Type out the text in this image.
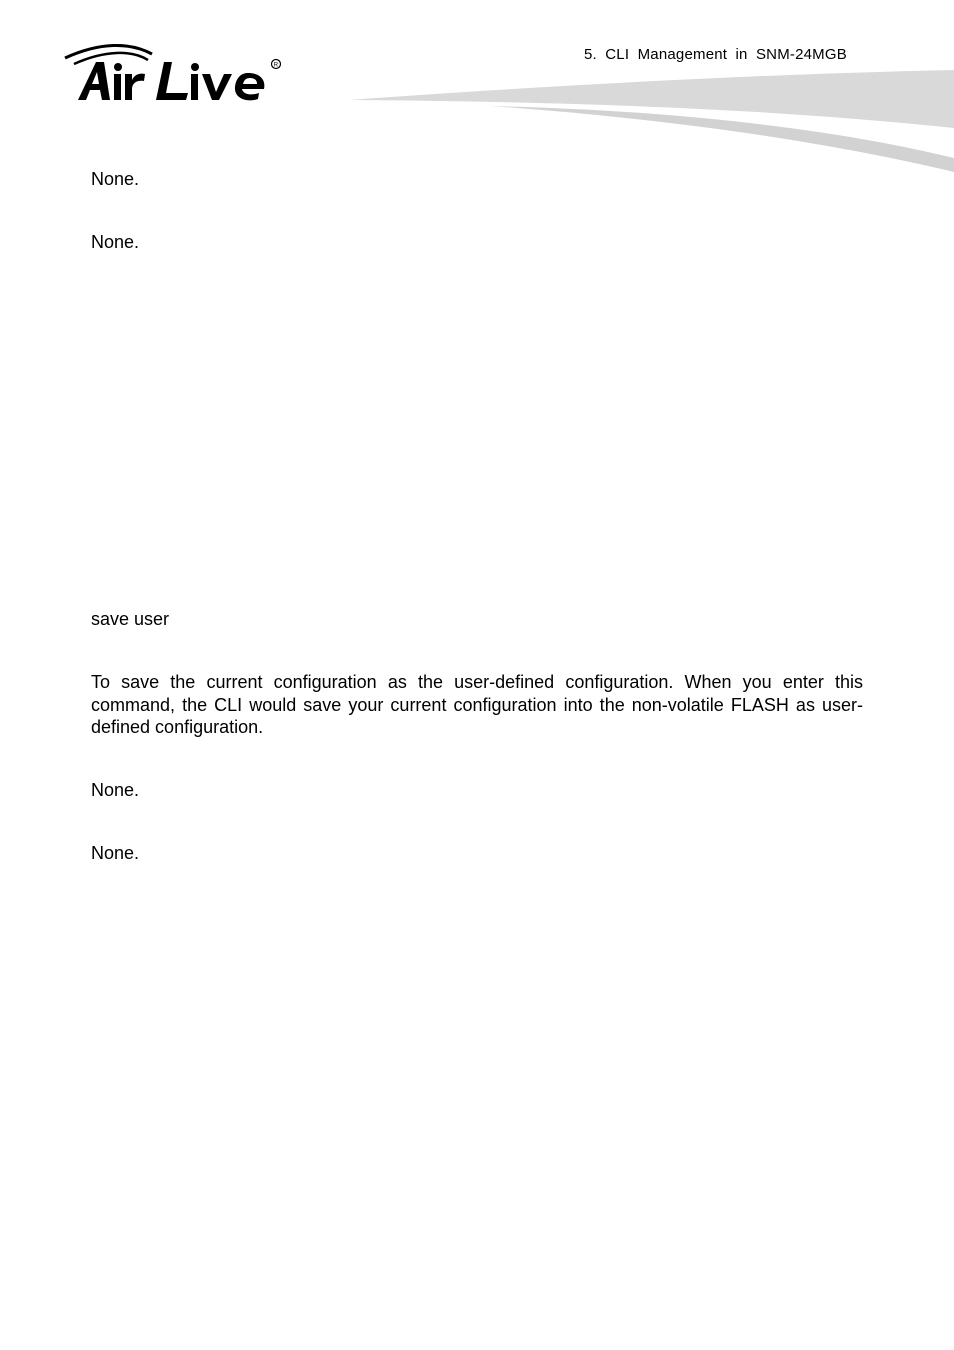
R
5. CLI Management in SNM-24MGB
None.
None.
save user
To save the current configuration as the user-defined configuration. When you enter this command, the CLI would save your current configuration into the non-volatile FLASH as user-defined configuration.
None.
None.
